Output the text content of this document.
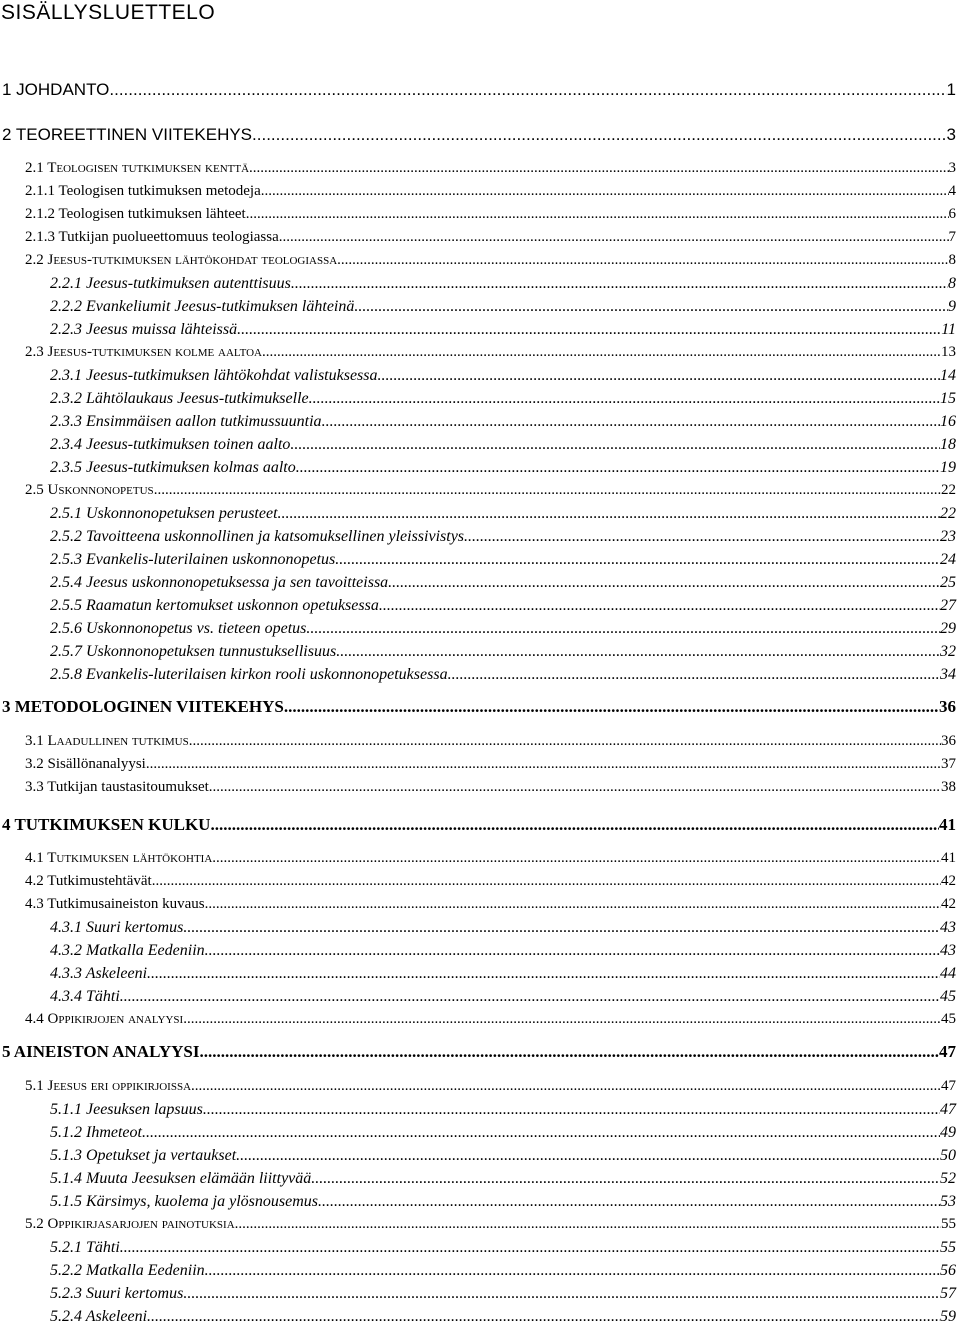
SISÄLLYSLUETTELO
1 JOHDANTO .....	1
2 TEOREETTINEN VIITEKEHYS .....	3
2.1 Teologisen tutkimuksen kenttä .....	3
2.1.1 Teologisen tutkimuksen metodeja .....	4
2.1.2 Teologisen tutkimuksen lähteet .....	6
2.1.3 Tutkijan puolueettomuus teologiassa .....	7
2.2 Jeesus-tutkimuksen lähtökohdat teologiassa .....	8
2.2.1 Jeesus-tutkimuksen autenttisuus .....	8
2.2.2 Evankeliumit Jeesus-tutkimuksen lähteinä .....	9
2.2.3 Jeesus muissa lähteissä .....	11
2.3 Jeesus-tutkimuksen kolme aaltoa .....	13
2.3.1 Jeesus-tutkimuksen lähtökohdat valistuksessa .....	14
2.3.2 Lähtölaukaus Jeesus-tutkimukselle .....	15
2.3.3 Ensimmäisen aallon tutkimussuuntia .....	16
2.3.4 Jeesus-tutkimuksen toinen aalto .....	18
2.3.5 Jeesus-tutkimuksen kolmas aalto .....	19
2.5 Uskonnonopetus .....	22
2.5.1 Uskonnonopetuksen perusteet .....	22
2.5.2 Tavoitteena uskonnollinen ja katsomuksellinen yleissivistys .....	23
2.5.3 Evankelis-luterilainen uskonnonopetus .....	24
2.5.4 Jeesus uskonnonopetuksessa ja sen tavoitteissa .....	25
2.5.5 Raamatun kertomukset uskonnon opetuksessa .....	27
2.5.6 Uskonnonopetus vs. tieteen opetus .....	29
2.5.7 Uskonnonopetuksen tunnustuksellisuus .....	32
2.5.8 Evankelis-luterilaisen kirkon rooli uskonnonopetuksessa .....	34
3 METODOLOGINEN VIITEKEHYS .....	36
3.1 Laadullinen tutkimus .....	36
3.2 Sisällönanalyysi .....	37
3.3 Tutkijan taustasitoumukset .....	38
4 TUTKIMUKSEN KULKU .....	41
4.1 Tutkimuksen lähtökohtia .....	41
4.2 Tutkimustehtävät .....	42
4.3 Tutkimusaineiston kuvaus .....	42
4.3.1 Suuri kertomus .....	43
4.3.2 Matkalla Eedeniin .....	43
4.3.3 Askeleeni .....	44
4.3.4 Tähti .....	45
4.4 Oppikirjojen analyysi .....	45
5 AINEISTON ANALYYSI .....	47
5.1 Jeesus eri oppikirjoissa .....	47
5.1.1 Jeesuksen lapsuus .....	47
5.1.2 Ihmeteot .....	49
5.1.3 Opetukset ja vertaukset .....	50
5.1.4 Muuta Jeesuksen elämään liittyvää .....	52
5.1.5 Kärsimys, kuolema ja ylösnousemus .....	53
5.2 Oppikirjasarjojen painotuksia .....	55
5.2.1 Tähti .....	55
5.2.2 Matkalla Eedeniin .....	56
5.2.3 Suuri kertomus .....	57
5.2.4 Askeleeni .....	59
